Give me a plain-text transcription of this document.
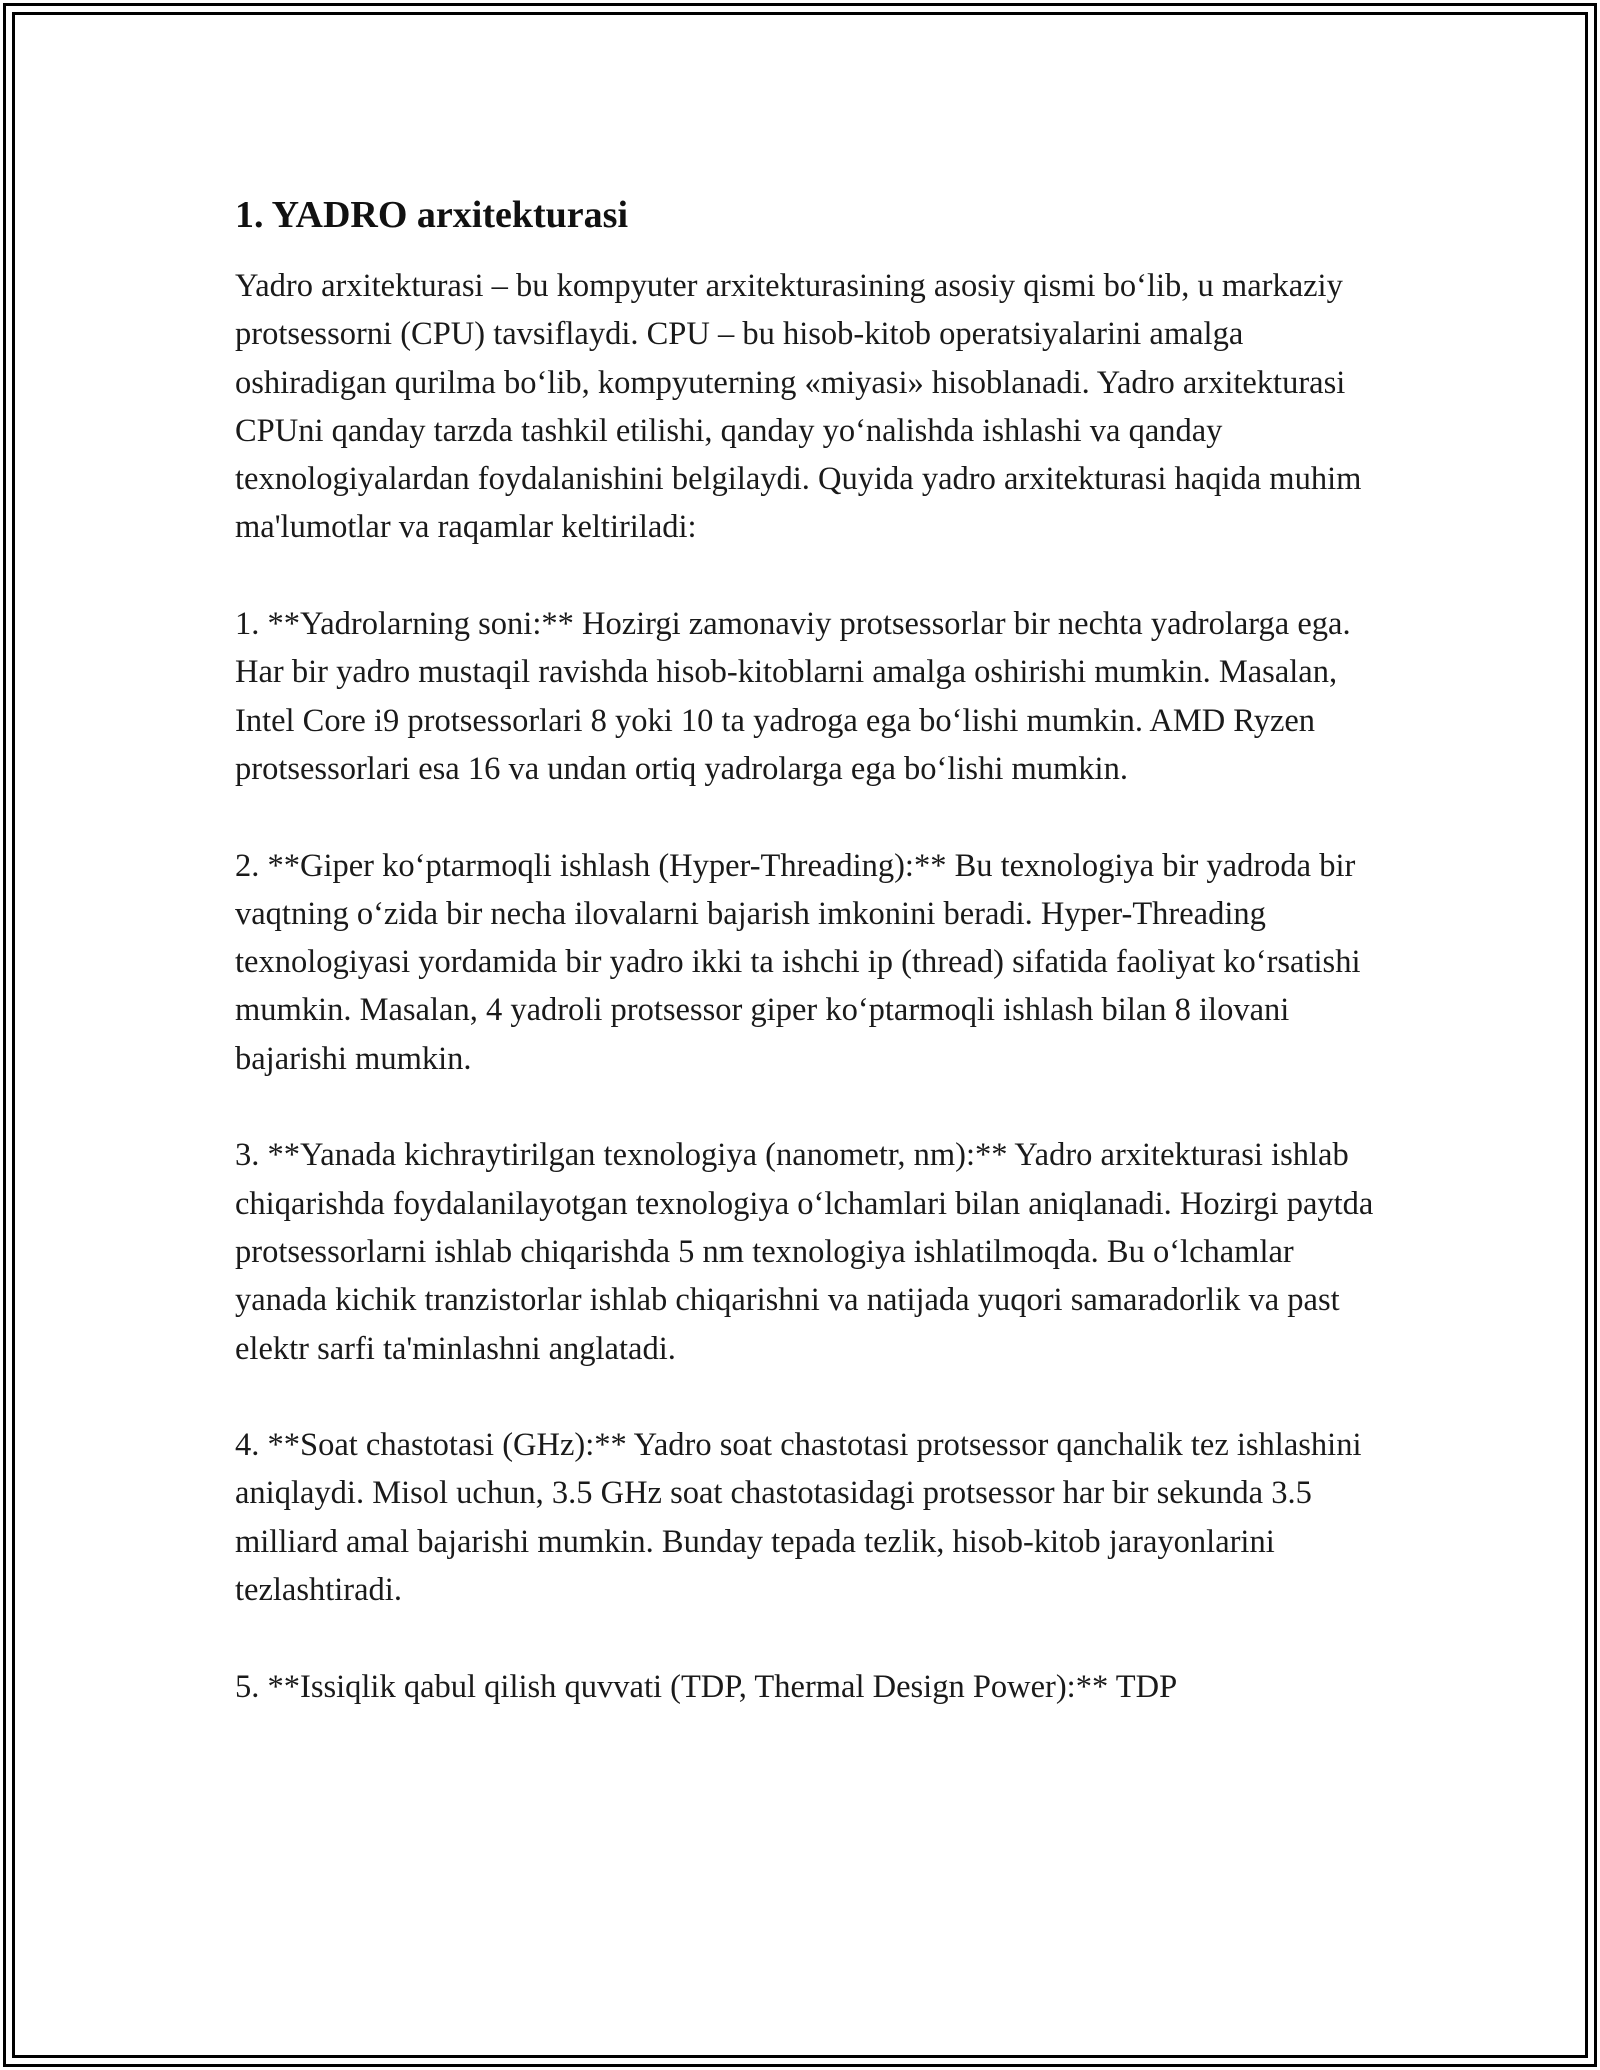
1. YADRO arxitekturasi

Yadro arxitekturasi – bu kompyuter arxitekturasining asosiy qismi bo‘lib, u markaziy protsessorni (CPU) tavsiflaydi. CPU – bu hisob-kitob operatsiyalarini amalga oshiradigan qurilma bo‘lib, kompyuterning «miyasi» hisoblanadi. Yadro arxitekturasi CPUni qanday tarzda tashkil etilishi, qanday yo‘nalishda ishlashi va qanday texnologiyalardan foydalanishini belgilaydi. Quyida yadro arxitekturasi haqida muhim ma'lumotlar va raqamlar keltiriladi:

1. **Yadrolarning soni:** Hozirgi zamonaviy protsessorlar bir nechta yadrolarga ega. Har bir yadro mustaqil ravishda hisob-kitoblarni amalga oshirishi mumkin. Masalan, Intel Core i9 protsessorlari 8 yoki 10 ta yadroga ega bo‘lishi mumkin. AMD Ryzen protsessorlari esa 16 va undan ortiq yadrolarga ega bo‘lishi mumkin.

2. **Giper ko‘ptarmoqli ishlash (Hyper-Threading):** Bu texnologiya bir yadroda bir vaqtning o‘zida bir necha ilovalarni bajarish imkonini beradi. Hyper-Threading texnologiyasi yordamida bir yadro ikki ta ishchi ip (thread) sifatida faoliyat ko‘rsatishi mumkin. Masalan, 4 yadroli protsessor giper ko‘ptarmoqli ishlash bilan 8 ilovani bajarishi mumkin.

3. **Yanada kichraytirilgan texnologiya (nanometr, nm):** Yadro arxitekturasi ishlab chiqarishda foydalanilayotgan texnologiya o‘lchamlari bilan aniqlanadi. Hozirgi paytda protsessorlarni ishlab chiqarishda 5 nm texnologiya ishlatilmoqda. Bu o‘lchamlar yanada kichik tranzistorlar ishlab chiqarishni va natijada yuqori samaradorlik va past elektr sarfi ta'minlashni anglatadi.

4. **Soat chastotasi (GHz):** Yadro soat chastotasi protsessor qanchalik tez ishlashini aniqlaydi. Misol uchun, 3.5 GHz soat chastotasidagi protsessor har bir sekunda 3.5 milliard amal bajarishi mumkin. Bunday tepada tezlik, hisob-kitob jarayonlarini tezlashtiradi.

5. **Issiqlik qabul qilish quvvati (TDP, Thermal Design Power):** TDP
